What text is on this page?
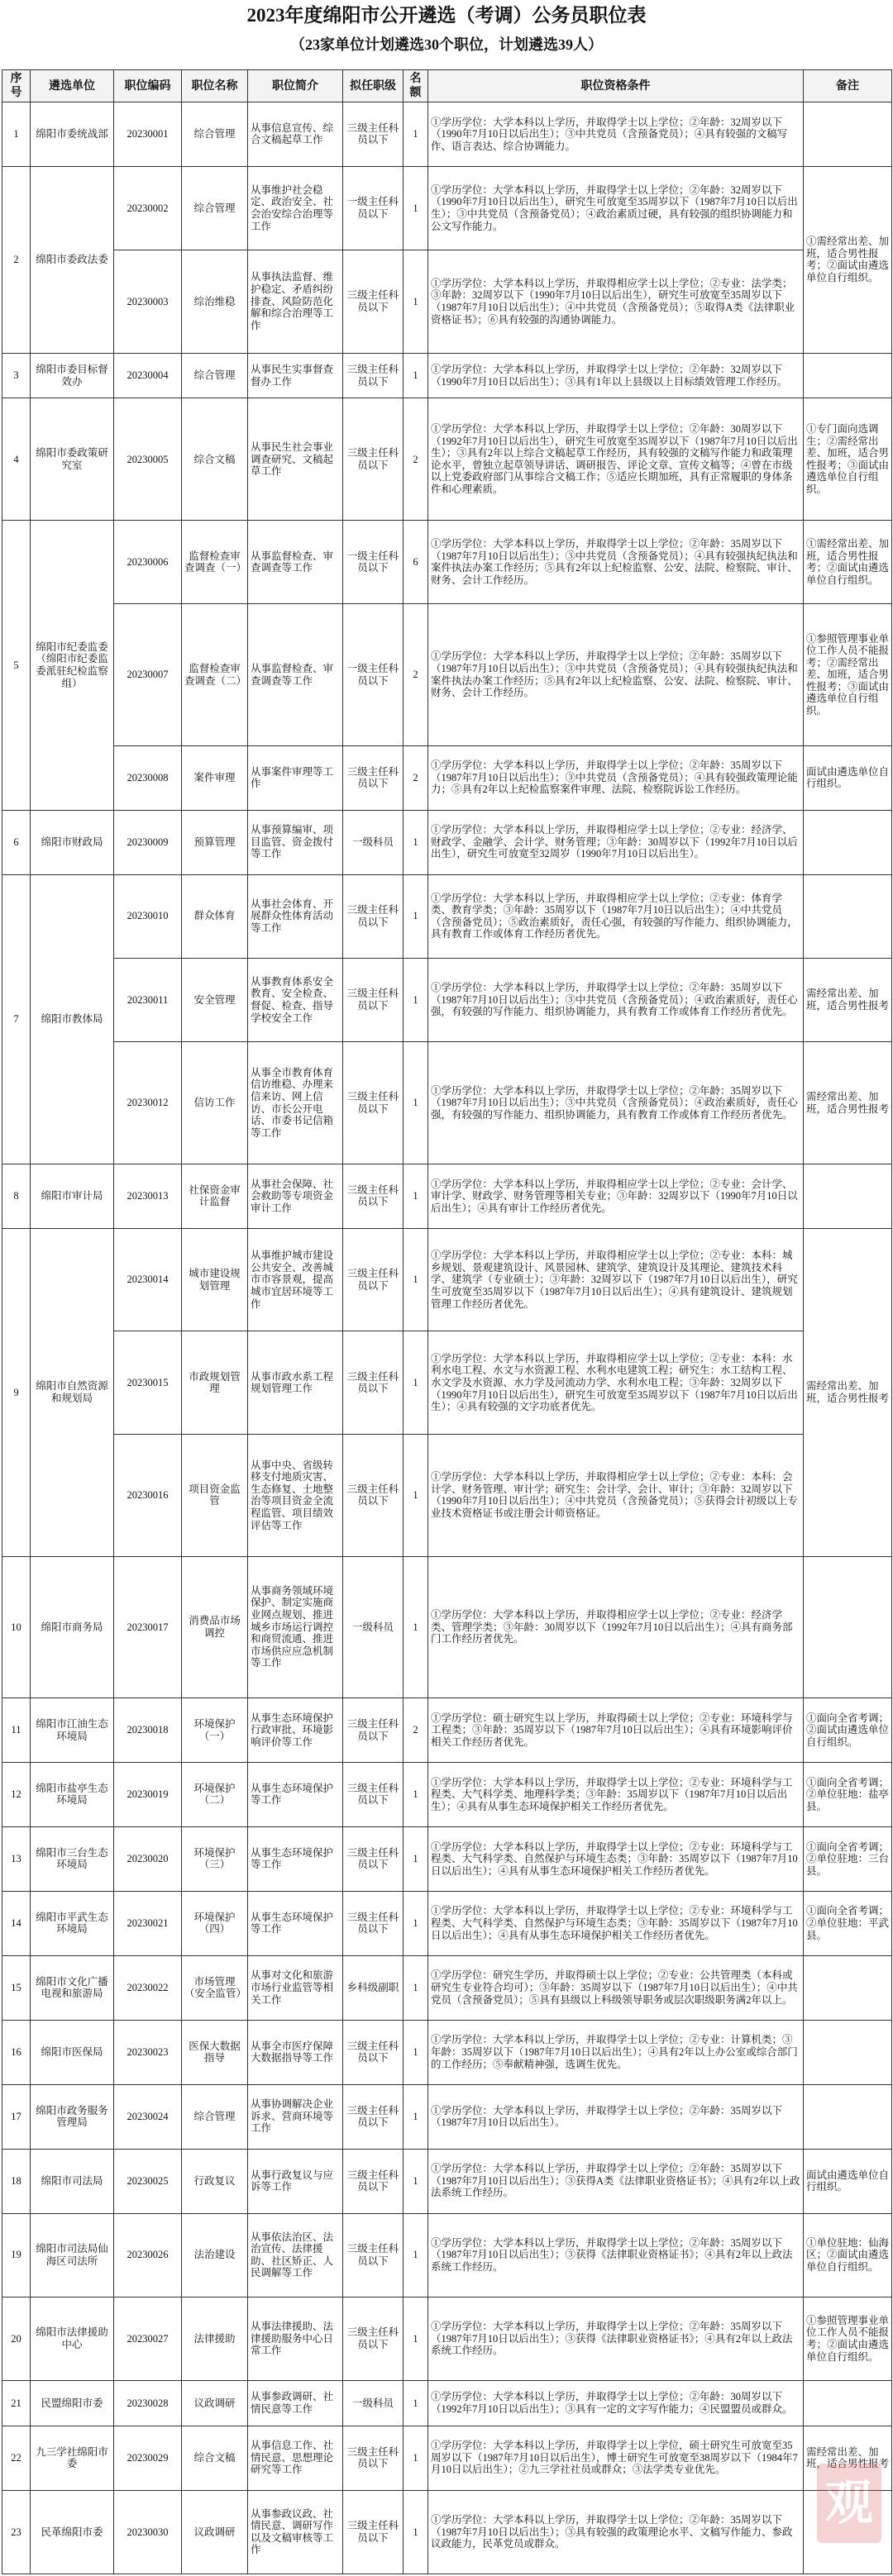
2023年度绵阳市公开遴选（考调）公务员职位表
（23家单位计划遴选30个职位，计划遴选39人）
序号	遴选单位	职位编码	职位名称	职位简介	拟任职级	名额	职位资格条件	备注
1	绵阳市委统战部	20230001	综合管理	从事信息宣传、综合文稿起草工作	三级主任科员以下	1	①学历学位：大学本科以上学历，并取得学士以上学位；②年龄：32周岁以下（1990年7月10日以后出生）；③中共党员（含预备党员）；④具有较强的文稿写作、语言表达、综合协调能力。	
2	绵阳市委政法委	20230002	综合管理	从事维护社会稳定、政治安全、社会治安综合治理等工作	一级主任科员以下	1	①学历学位：大学本科以上学历，并取得学士以上学位；②年龄：32周岁以下（1990年7月10日以后出生），研究生可放宽至35周岁以下（1987年7月10日以后出生）；③中共党员（含预备党员）；④政治素质过硬，具有较强的组织协调能力和公文写作能力。	①需经常出差、加班，适合男性报考；②面试由遴选单位自行组织。
		20230003	综治维稳	从事执法监督、维护稳定、矛盾纠纷排查、风险防范化解和综合治理等工作	三级主任科员以下	1	①学历学位：大学本科以上学历，并取得相应学士以上学位；②专业：法学类；③年龄：32周岁以下（1990年7月10日以后出生），研究生可放宽至35周岁以下（1987年7月10日以后出生）；④中共党员（含预备党员）；⑤取得A类《法律职业资格证书》；⑥具有较强的沟通协调能力。	
3	绵阳市委目标督效办	20230004	综合管理	从事民生实事督查督办工作	三级主任科员以下	1	①学历学位：大学本科以上学历，并取得学士以上学位；②年龄：32周岁以下（1990年7月10日以后出生）；③具有1年以上县级以上目标绩效管理工作经历。	
4	绵阳市委政策研究室	20230005	综合文稿	从事民生社会事业调查研究、文稿起草工作	三级主任科员以下	2	①学历学位：大学本科以上学历，并取得学士以上学位；②年龄：30周岁以下（1992年7月10日以后出生），研究生可放宽至35周岁以下（1987年7月10日以后出生）；③具有2年以上综合文稿起草工作经历，具有较强的文稿写作能力和政策理论水平，曾独立起草领导讲话、调研报告、评论文章、宣传文稿等；④曾在市级以上党委政府部门从事综合文稿工作；⑤适应长期加班，具有正常履职的身体条件和心理素质。	①专门面向选调生；②需经常出差、加班，适合男性报考；③面试由遴选单位自行组织。
5	绵阳市纪委监委（绵阳市纪委监委派驻纪检监察组）	20230006	监督检查审查调查（一）	从事监督检查、审查调查等工作	一级主任科员以下	6	①学历学位：大学本科以上学历，并取得学士以上学位；②年龄：35周岁以下（1987年7月10日以后出生）；③中共党员（含预备党员）；④具有较强执纪执法和案件执法办案工作经历；⑤具有2年以上纪检监察、公安、法院、检察院、审计、财务、会计工作经历。	①需经常出差、加班，适合男性报考；②面试由遴选单位自行组织。
		20230007	监督检查审查调查（二）	从事监督检查、审查调查等工作	一级主任科员以下	2	①学历学位：大学本科以上学历，并取得学士以上学位；②年龄：35周岁以下（1987年7月10日以后出生）；③中共党员（含预备党员）；④具有较强执纪执法和案件执法办案工作经历；⑤具有2年以上纪检监察、公安、法院、检察院、审计、财务、会计工作经历。	①参照管理事业单位工作人员不能报考；②需经常出差、加班，适合男性报考；③面试由遴选单位自行组织。
		20230008	案件审理	从事案件审理等工作	三级主任科员以下	2	①学历学位：大学本科以上学历，并取得学士以上学位；②年龄：35周岁以下（1987年7月10日以后出生）；③中共党员（含预备党员）；④具有较强政策理论能力；⑤具有2年以上纪检监察案件审理、法院、检察院诉讼工作经历。	面试由遴选单位自行组织。
6	绵阳市财政局	20230009	预算管理	从事预算编审、项目监管、资金拨付等工作	一级科员	1	①学历学位：大学本科以上学历，并取得相应学士以上学位；②专业：经济学、财政学、金融学、会计学、财务管理；③年龄：30周岁以下（1992年7月10日以后出生），研究生可放宽至32周岁（1990年7月10日以后出生）。	
7	绵阳市教体局	20230010	群众体育	从事社会体育、开展群众性体育活动等工作	三级主任科员以下	1	①学历学位：大学本科以上学历，并取得相应学士以上学位；②专业：体育学类、教育学类；③年龄：35周岁以下（1987年7月10日以后出生）；④中共党员（含预备党员）；⑤政治素质好，责任心强，有较强的写作能力、组织协调能力，具有教育工作或体育工作经历者优先。	
		20230011	安全管理	从事教育体系安全教育、安全检查、督促、检查、指导学校安全工作	三级主任科员以下	1	①学历学位：大学本科以上学历，并取得学士以上学位；②年龄：35周岁以下（1987年7月10日以后出生）；③中共党员（含预备党员）；④政治素质好，责任心强，有较强的写作能力、组织协调能力，具有教育工作或体育工作经历者优先。	需经常出差、加班，适合男性报考
		20230012	信访工作	从事全市教育体育信访维稳、办理来信来访、网上信访、市长公开电话、市委书记信箱等工作	三级主任科员以下	1	①学历学位：大学本科以上学历，并取得学士以上学位；②年龄：35周岁以下（1987年7月10日以后出生）；③中共党员（含预备党员）；④政治素质好，责任心强，有较强的写作能力、组织协调能力，具有教育工作或体育工作经历者优先。	需经常出差、加班，适合男性报考
8	绵阳市审计局	20230013	社保资金审计监督	从事社会保障、社会救助等专项资金审计工作	三级主任科员以下	1	①学历学位：大学本科以上学历，并取得相应学士以上学位；②专业：会计学、审计学、财政学、财务管理等相关专业；③年龄：32周岁以下（1990年7月10日以后出生）；④具有审计工作经历者优先。	
9	绵阳市自然资源和规划局	20230014	城市建设规划管理	从事维护城市建设公共安全、改善城市市容景观，提高城市宜居环境等工作	三级主任科员以下	1	①学历学位：大学本科以上学历，并取得相应学士以上学位；②专业：本科：城乡规划、景观建筑设计、风景园林、建筑学、建筑设计及其理论、建筑技术科学、建筑学（专业硕士）；③年龄：32周岁以下（1987年7月10日以后出生），研究生可放宽至35周岁以下（1987年7月10日以后出生）；④具有建筑设计、建筑规划管理工作经历者优先。	需经常出差、加班，适合男性报考
		20230015	市政规划管理	从事市政水系工程规划管理工作	三级主任科员以下	1	①学历学位：大学本科以上学历，并取得相应学士以上学位；②专业：本科：水利水电工程、水文与水资源工程、水利水电建筑工程；研究生：水工结构工程、水文学及水资源、水力学及河流动力学、水利水电工程；③年龄：32周岁以下（1990年7月10日以后出生），研究生可放宽至35周岁以下（1987年7月10日以后出生）；④具有较强的文字功底者优先。	
		20230016	项目资金监管	从事中央、省级转移支付地质灾害、生态修复、土地整治等项目资金全流程监管、项目绩效评估等工作	三级主任科员以下	1	①学历学位：大学本科以上学历，并取得相应学士以上学位；②专业：本科：会计学、财务管理、审计学；研究生：会计学、会计、审计；③年龄：32周岁以下（1990年7月10日以后出生）；④中共党员（含预备党员）；⑤获得会计初级以上专业技术资格证书或注册会计师资格证。	
10	绵阳市商务局	20230017	消费品市场调控	从事商务领域环境保护、制定实施商业网点规划、推进城乡市场运行调控和商贸流通、推进市场供应应急机制等工作	一级科员	1	①学历学位：大学本科以上学历，并取得相应学士以上学位；②专业：经济学类、管理学类；③年龄：30周岁以下（1992年7月10日以后出生）；④具有商务部门工作经历者优先。	
11	绵阳市江油生态环境局	20230018	环境保护（一）	从事生态环境保护行政审批、环境影响评价等工作	三级主任科员以下	2	①学历学位：硕士研究生以上学历，并取得硕士以上学位；②专业：环境科学与工程类；③年龄：35周岁以下（1987年7月10日以后出生）；④具有环境影响评价相关工作经历者优先。	①面向全省考调；②面试由遴选单位自行组织。
12	绵阳市盐亭生态环境局	20230019	环境保护（二）	从事生态环境保护等工作	三级主任科员以下	1	①学历学位：大学本科以上学历，并取得学士以上学位；②专业：环境科学与工程类、大气科学类、地理科学类；③年龄：35周岁以下（1987年7月10日以后出生）；④具有从事生态环境保护相关工作经历者优先。	①面向全省考调；②单位驻地：盐亭县。
13	绵阳市三台生态环境局	20230020	环境保护（三）	从事生态环境保护等工作	三级主任科员以下	1	①学历学位：大学本科以上学历，并取得学士以上学位；②专业：环境科学与工程类、大气科学类、自然保护与环境生态类；③年龄：35周岁以下（1987年7月10日以后出生）；④具有从事生态环境保护相关工作经历者优先。	①面向全省考调；②单位驻地：三台县。
14	绵阳市平武生态环境局	20230021	环境保护（四）	从事生态环境保护等工作	三级主任科员以下	1	①学历学位：大学本科以上学历，并取得学士以上学位；②专业：环境科学与工程类、大气科学类、自然保护与环境生态类；③年龄：35周岁以下（1987年7月10日以后出生）；④具有从事生态环境保护相关工作经历者优先。	①面向全省考调；②单位驻地：平武县。
15	绵阳市文化广播电视和旅游局	20230022	市场管理（安全监管）	从事对文化和旅游市场行业监管等相关工作	乡科级副职	1	①学历学位：研究生学历，并取得硕士以上学位；②专业：公共管理类（本科或研究生专业符合均可）；③年龄：35周岁以下（1987年7月10日以后出生）；④中共党员（含预备党员）；⑤具有县级以上科级领导职务或层次职级职务满2年以上。	
16	绵阳市医保局	20230023	医保大数据指导	从事全市医疗保障大数据指导等工作	三级主任科员以下	1	①学历学位：大学本科以上学历，并取得学士以上学位；②专业：计算机类；③年龄：35周岁以下（1987年7月10日以后出生）；④具有2年以上办公室或综合部门的工作经历；⑤奉献精神强，选调生优先。	
17	绵阳市政务服务管理局	20230024	综合管理	从事协调解决企业诉求、营商环境等工作	三级主任科员以下	1	①学历学位：大学本科以上学历，并取得学士以上学位；②年龄：35周岁以下（1987年7月10日以后出生）。	
18	绵阳市司法局	20230025	行政复议	从事行政复议与应诉等工作	三级主任科员以下	1	①学历学位：大学本科以上学历，并取得学士以上学位；②年龄：35周岁以下（1987年7月10日以后出生）；③获得A类《法律职业资格证书》；④具有2年以上政法系统工作经历。	面试由遴选单位自行组织。
19	绵阳市司法局仙海区司法所	20230026	法治建设	从事依法治区、法治宣传、法律援助、社区矫正、人民调解等工作	三级主任科员以下	1	①学历学位：大学本科以上学历，并取得学士以上学位；②年龄：35周岁以下（1987年7月10日以后出生）；③获得《法律职业资格证书》；④具有2年以上政法系统工作经历。	①单位驻地：仙海区；②面试由遴选单位自行组织。
20	绵阳市法律援助中心	20230027	法律援助	从事法律援助、法律援助服务中心日常工作	三级主任科员以下	1	①学历学位：大学本科以上学历，并取得学士以上学位；②年龄：35周岁以下（1987年7月10日以后出生）；③获得《法律职业资格证书》；④具有2年以上政法系统工作经历。	①参照管理事业单位工作人员不能报考；②面试由遴选单位自行组织。
21	民盟绵阳市委	20230028	议政调研	从事参政调研、社情民意等工作	一级科员	1	①学历学位：大学本科以上学历，并取得学士以上学位；②年龄：30周岁以下（1992年7月10日以后出生）；③具有一定的文字写作能力；④民盟盟员或群众。	
22	九三学社绵阳市委	20230029	综合文稿	从事信息工作、社情民意、思想理论研究等工作	三级主任科员以下	1	①学历学位：大学本科以上学历，并取得学士以上学位，硕士研究生可放宽至35周岁以下（1987年7月10日以后出生），博士研究生可放宽至38周岁以下（1984年7月10日以后出生）；②九三学社社员或群众；③法学类专业优先。	需经常出差、加班，适合男性报考
23	民革绵阳市委	20230030	议政调研	从事参政议政、社情民意、调研写作以及文稿审核等工作	三级主任科员以下	1	①学历学位：大学本科以上学历，并取得学士以上学位；②年龄：35周岁以下（1987年7月10日以后出生）；③具有较强的政策理论水平、文稿写作能力、参政议政能力，民革党员或群众。	
观
